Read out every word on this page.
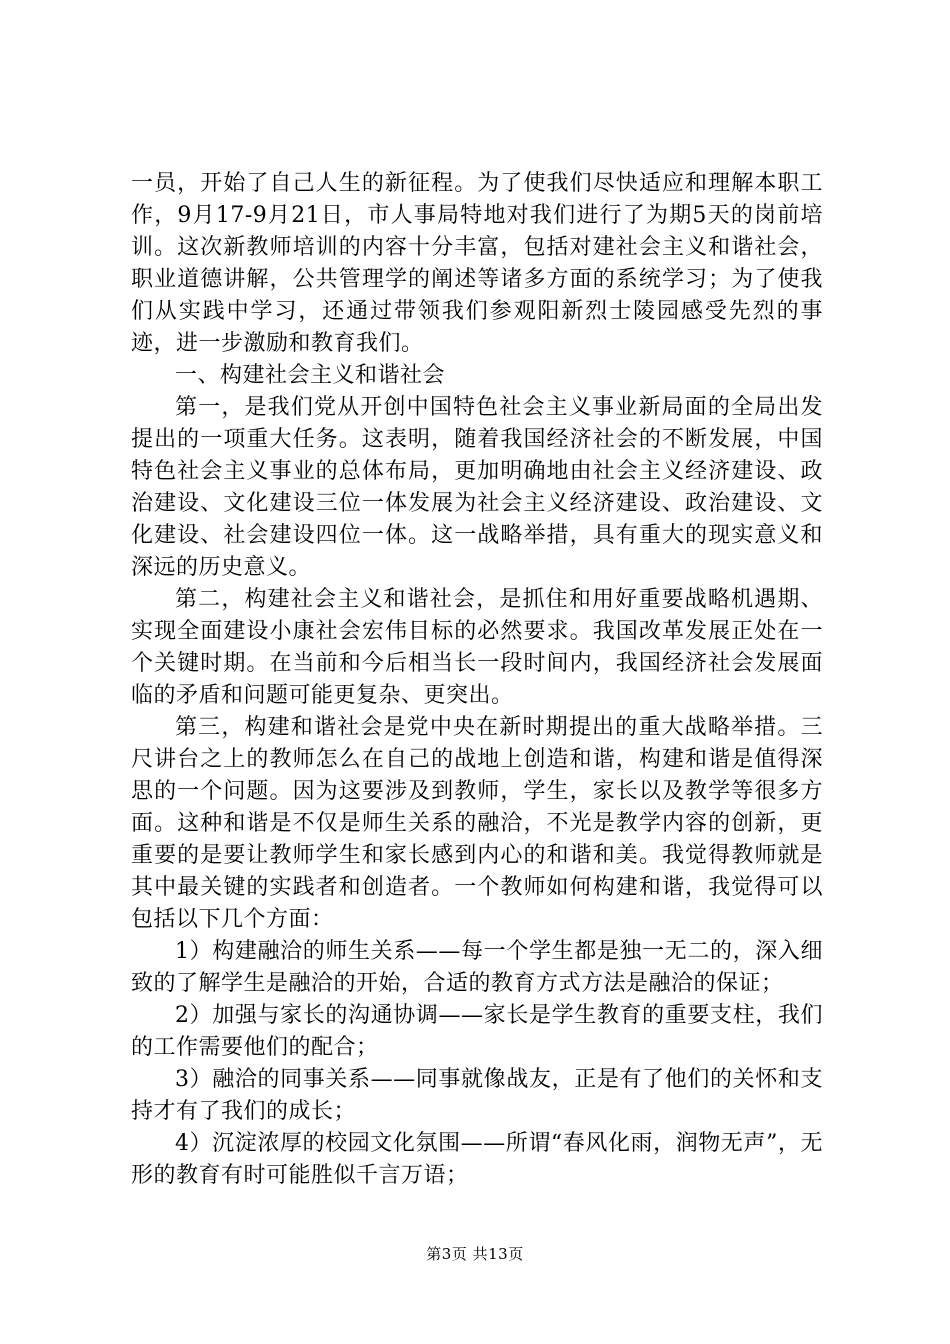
一员，开始了自己人生的新征程。为了使我们尽快适应和理解本职工作，9月17-9月21日，市人事局特地对我们进行了为期5天的岗前培训。这次新教师培训的内容十分丰富，包括对建社会主义和谐社会，职业道德讲解，公共管理学的阐述等诸多方面的系统学习；为了使我们从实践中学习，还通过带领我们参观阳新烈士陵园感受先烈的事迹，进一步激励和教育我们。

一、构建社会主义和谐社会

第一，是我们党从开创中国特色社会主义事业新局面的全局出发提出的一项重大任务。这表明，随着我国经济社会的不断发展，中国特色社会主义事业的总体布局，更加明确地由社会主义经济建设、政治建设、文化建设三位一体发展为社会主义经济建设、政治建设、文化建设、社会建设四位一体。这一战略举措，具有重大的现实意义和深远的历史意义。

第二，构建社会主义和谐社会，是抓住和用好重要战略机遇期、实现全面建设小康社会宏伟目标的必然要求。我国改革发展正处在一个关键时期。在当前和今后相当长一段时间内，我国经济社会发展面临的矛盾和问题可能更复杂、更突出。

第三，构建和谐社会是党中央在新时期提出的重大战略举措。三尺讲台之上的教师怎么在自己的战地上创造和谐，构建和谐是值得深思的一个问题。因为这要涉及到教师，学生，家长以及教学等很多方面。这种和谐是不仅是师生关系的融洽，不光是教学内容的创新，更重要的是要让教师学生和家长感到内心的和谐和美。我觉得教师就是其中最关键的实践者和创造者。一个教师如何构建和谐，我觉得可以包括以下几个方面：

1）构建融洽的师生关系——每一个学生都是独一无二的，深入细致的了解学生是融洽的开始，合适的教育方式方法是融洽的保证；

2）加强与家长的沟通协调——家长是学生教育的重要支柱，我们的工作需要他们的配合；

3）融洽的同事关系——同事就像战友，正是有了他们的关怀和支持才有了我们的成长；

4）沉淀浓厚的校园文化氛围——所谓“春风化雨，润物无声”，无形的教育有时可能胜似千言万语；

第3页 共13页
